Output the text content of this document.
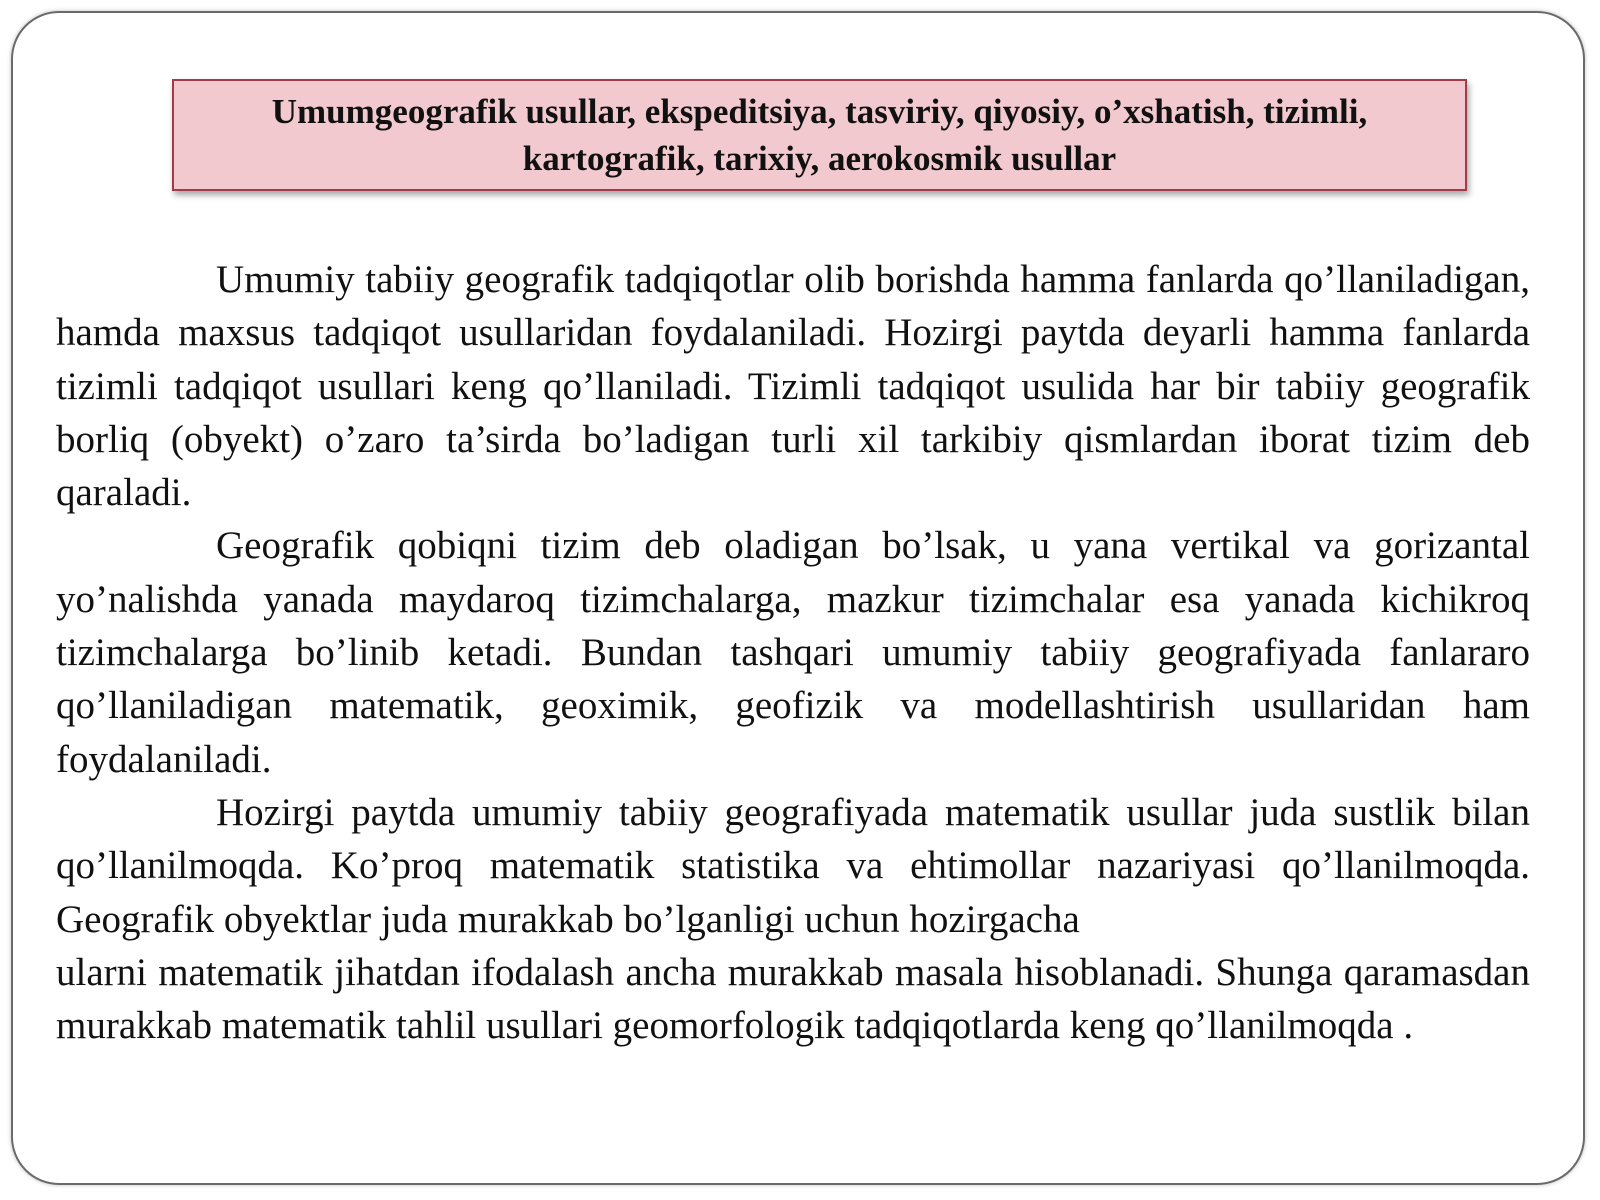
Umumgeografik usullar, ekspeditsiya, tasviriy, qiyosiy, o’xshatish, tizimli, kartografik, tarixiy, aerokosmik usullar

Umumiy tabiiy geografik tadqiqotlar olib borishda hamma fanlarda qo’llaniladigan, hamda maxsus tadqiqot usullaridan foydalaniladi. Hozirgi paytda deyarli hamma fanlarda tizimli tadqiqot usullari keng qo’llaniladi. Tizimli tadqiqot usulida har bir tabiiy geografik borliq (obyekt) o’zaro ta’sirda bo’ladigan turli xil tarkibiy qismlardan iborat tizim deb qaraladi.

Geografik qobiqni tizim deb oladigan bo’lsak, u yana vertikal va gorizantal yo’nalishda yanada maydaroq tizimchalarga, mazkur tizimchalar esa yanada kichikroq tizimchalarga bo’linib ketadi. Bundan tashqari umumiy tabiiy geografiyada fanlararo qo’llaniladigan matematik, geoximik, geofizik va modellashtirish usullaridan ham foydalaniladi.

Hozirgi paytda umumiy tabiiy geografiyada matematik usullar juda sustlik bilan qo’llanilmoqda. Ko’proq matematik statistika va ehtimollar nazariyasi qo’llanilmoqda. Geografik obyektlar juda murakkab bo’lganligi uchun hozirgacha

ularni matematik jihatdan ifodalash ancha murakkab masala hisoblanadi. Shunga qaramasdan murakkab matematik tahlil usullari geomorfologik tadqiqotlarda keng qo’llanilmoqda .
